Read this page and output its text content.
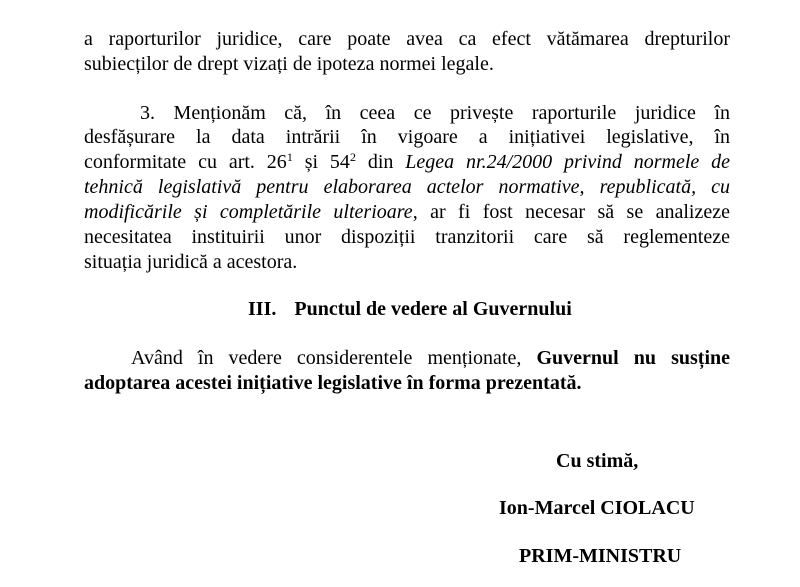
a raporturilor juridice, care poate avea ca efect vătămarea drepturilor
subiecților de drept vizați de ipoteza normei legale.
3. Menționăm că, în ceea ce privește raporturile juridice în
desfășurare la data intrării în vigoare a inițiativei legislative, în
conformitate cu art. $26^1$ și $54^2$ din Legea nr.24/2000 privind normele de
tehnică legislativă pentru elaborarea actelor normative, republicată, cu
modificările și completările ulterioare, ar fi fost necesar să se analizeze
necesitatea instituirii unor dispoziții tranzitorii care să reglementeze
situația juridică a acestora.
III. Punctul de vedere al Guvernului
Având în vedere considerentele menționate, Guvernul nu susține
adoptarea acestei inițiative legislative în forma prezentată.
Cu stimă,
Ion-Marcel CIOLACU
PRIM-MINISTRU
